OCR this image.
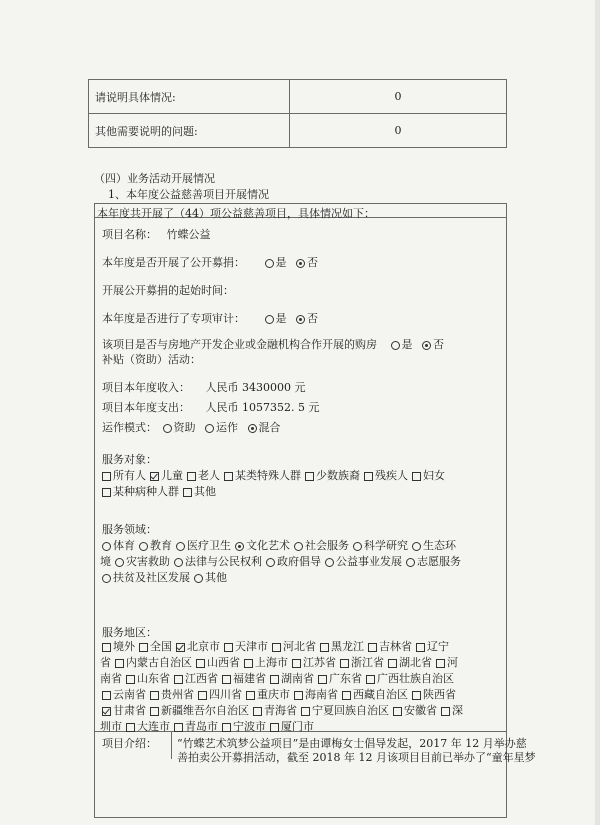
请说明具体情况:	0
其他需要说明的问题:	0
（四）业务活动开展情况
1、本年度公益慈善项目开展情况
本年度共开展了（44）项公益慈善项目，具体情况如下：
项目名称： 竹蝶公益
本年度是否开展了公开募捐：	是 否
开展公开募捐的起始时间：
本年度是否进行了专项审计：	是 否
该项目是否与房地产开发企业或金融机构合作开展的购房 是 否
补贴（资助）活动：
项目本年度收入： 人民币 3430000 元
项目本年度支出： 人民币 1057352. 5 元
运作模式： 资助 运作 混合
服务对象：
所有人 儿童 老人 某类特殊人群 少数族裔 残疾人 妇女
某种病种人群 其他
服务领域：
体育 教育 医疗卫生 文化艺术 社会服务 科学研究 生态环
境 灾害救助 法律与公民权利 政府倡导 公益事业发展 志愿服务
扶贫及社区发展 其他
服务地区：
境外 全国 北京市 天津市 河北省 黑龙江 吉林省 辽宁
省 内蒙古自治区 山西省 上海市 江苏省 浙江省 湖北省 河
南省 山东省 江西省 福建省 湖南省 广东省 广西壮族自治区
云南省 贵州省 四川省 重庆市 海南省 西藏自治区 陕西省
甘肃省 新疆维吾尔自治区 青海省 宁夏回族自治区 安徽省 深
圳市 大连市 青岛市 宁波市 厦门市
项目介绍： “竹蝶艺术筑梦公益项目”是由谭梅女士倡导发起，2017 年 12 月举办慈
善拍卖公开募捐活动，截至 2018 年 12 月该项目目前已举办了“童年星梦
